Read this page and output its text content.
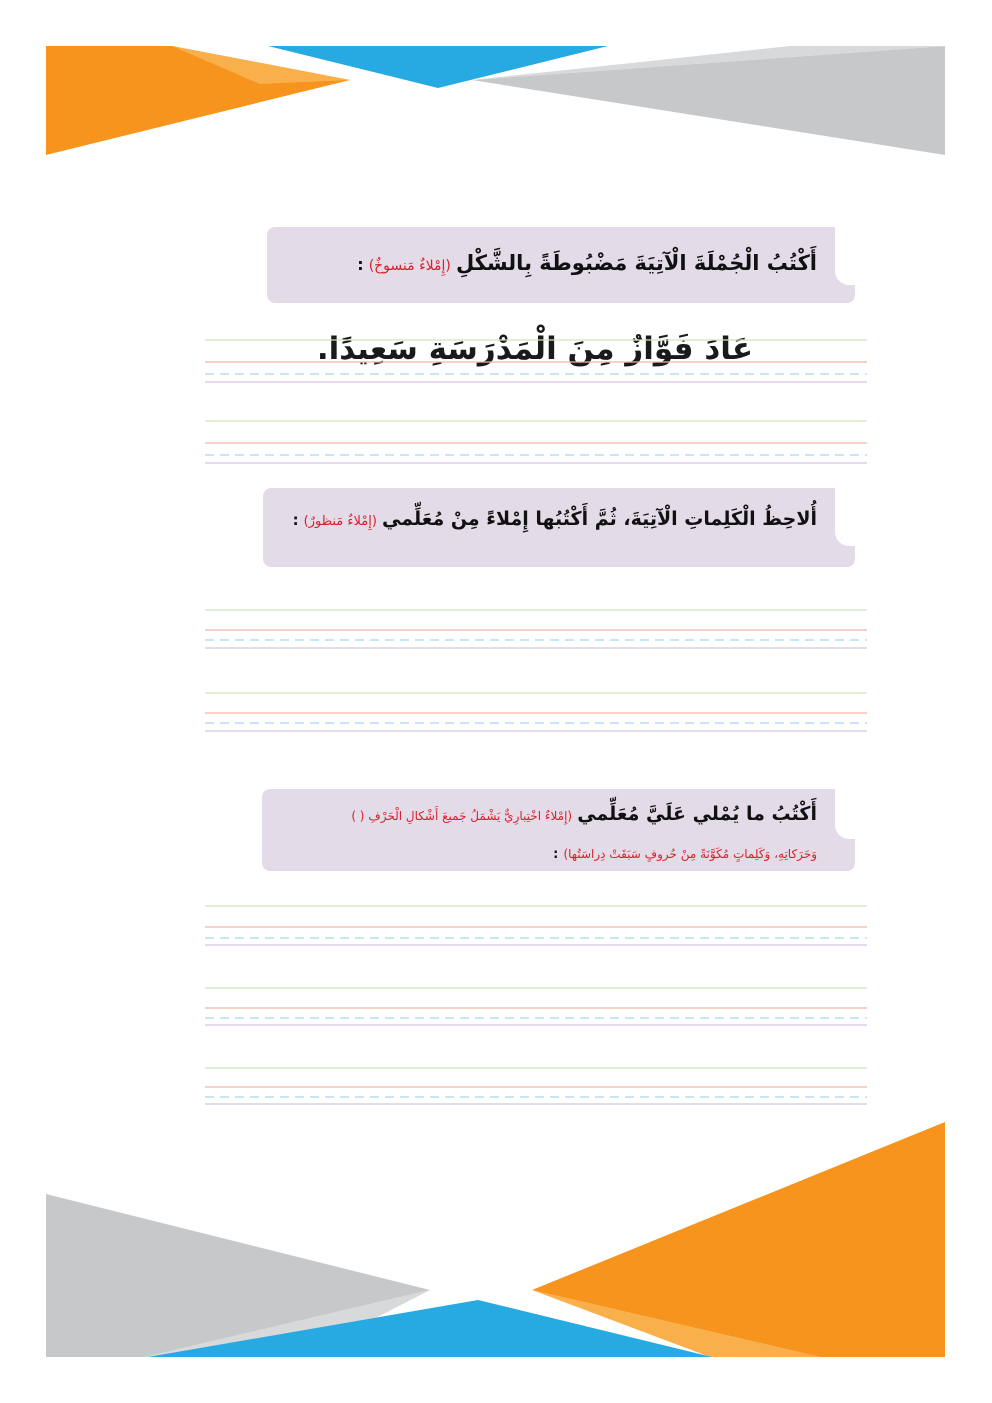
أَكْتُبُ الْجُمْلَةَ الْآتِيَةَ مَضْبُوطَةً بِالشَّكْلِ (إِمْلاءٌ مَنسوخٌ) :
عَادَ فَوَّازٌ مِنَ الْمَدْرَسَةِ سَعِيدًا.
أُلاحِظُ الْكَلِماتِ الْآتِيَةَ، ثُمَّ أَكْتُبُها إِمْلاءً مِنْ مُعَلِّمي (إِمْلاءٌ مَنظورٌ) :
أَكْتُبُ ما يُمْلي عَلَيَّ مُعَلِّمي (إِمْلاءٌ اخْتِبارِيٌّ يَشْمَلُ جَميعَ أَشْكالِ الْحَرْفِ ( )
وَحَرَكاتِهِ، وَكَلِماتٍ مُكَوَّنَةً مِنْ حُروفٍ سَبَقَتْ دِراسَتُها) :
